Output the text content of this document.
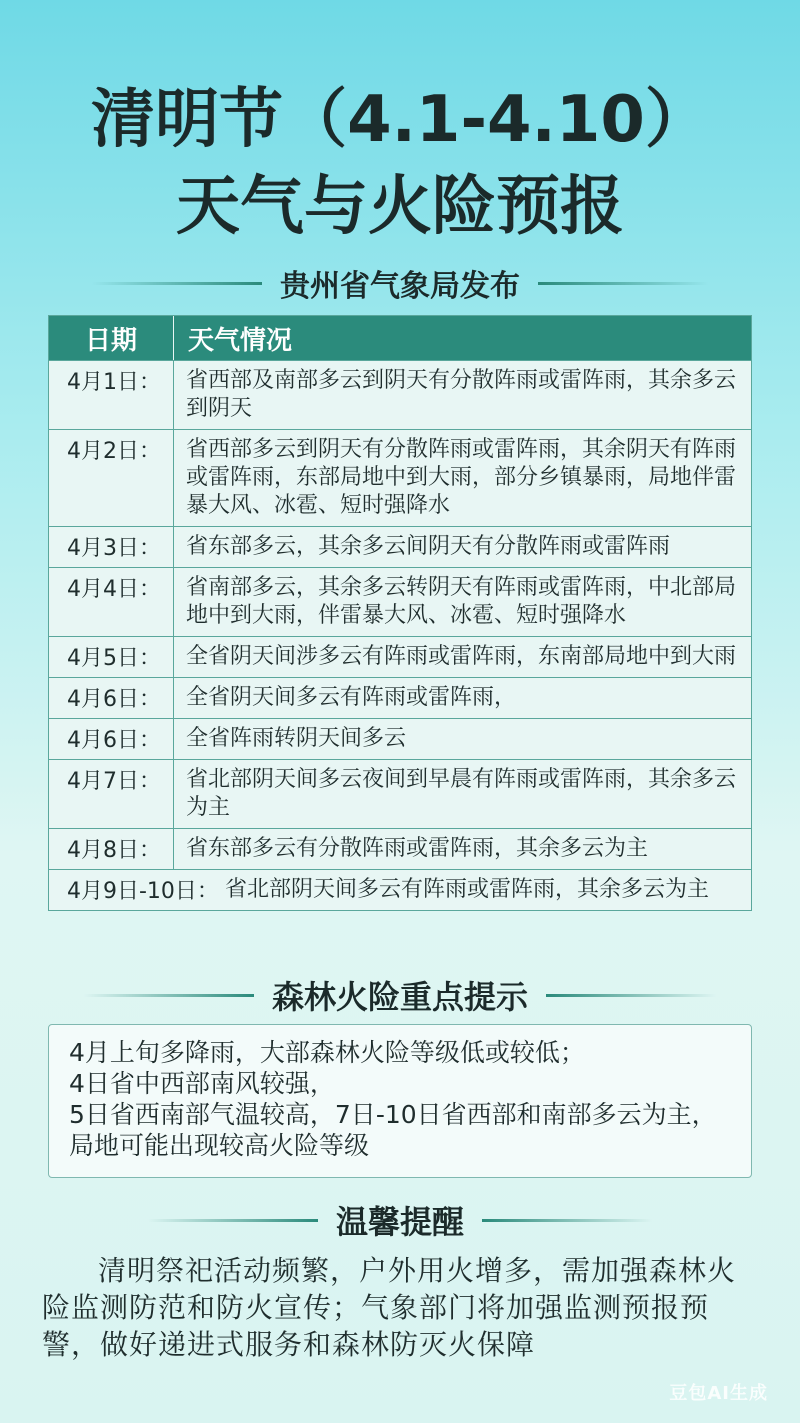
清明节（4.1-4.10）
天气与火险预报
贵州省气象局发布
日期	天气情况
4月1日：	省西部及南部多云到阴天有分散阵雨或雷阵雨，其余多云到阴天
4月2日：	省西部多云到阴天有分散阵雨或雷阵雨，其余阴天有阵雨或雷阵雨，东部局地中到大雨，部分乡镇暴雨，局地伴雷暴大风、冰雹、短时强降水
4月3日：	省东部多云，其余多云间阴天有分散阵雨或雷阵雨
4月4日：	省南部多云，其余多云转阴天有阵雨或雷阵雨，中北部局地中到大雨，伴雷暴大风、冰雹、短时强降水
4月5日：	全省阴天间涉多云有阵雨或雷阵雨，东南部局地中到大雨
4月6日：	全省阴天间多云有阵雨或雷阵雨，
4月6日：	全省阵雨转阴天间多云
4月7日：	省北部阴天间多云夜间到早晨有阵雨或雷阵雨，其余多云为主
4月8日：	省东部多云有分散阵雨或雷阵雨，其余多云为主
4月9日-10日： 省北部阴天间多云有阵雨或雷阵雨，其余多云为主
森林火险重点提示
4月上旬多降雨，大部森林火险等级低或较低；
4日省中西部南风较强，
5日省西南部气温较高，7日-10日省西部和南部多云为主，局地可能出现较高火险等级
温馨提醒
清明祭祀活动频繁，户外用火增多，需加强森林火险监测防范和防火宣传；气象部门将加强监测预报预警，做好递进式服务和森林防灭火保障
豆包AI生成
